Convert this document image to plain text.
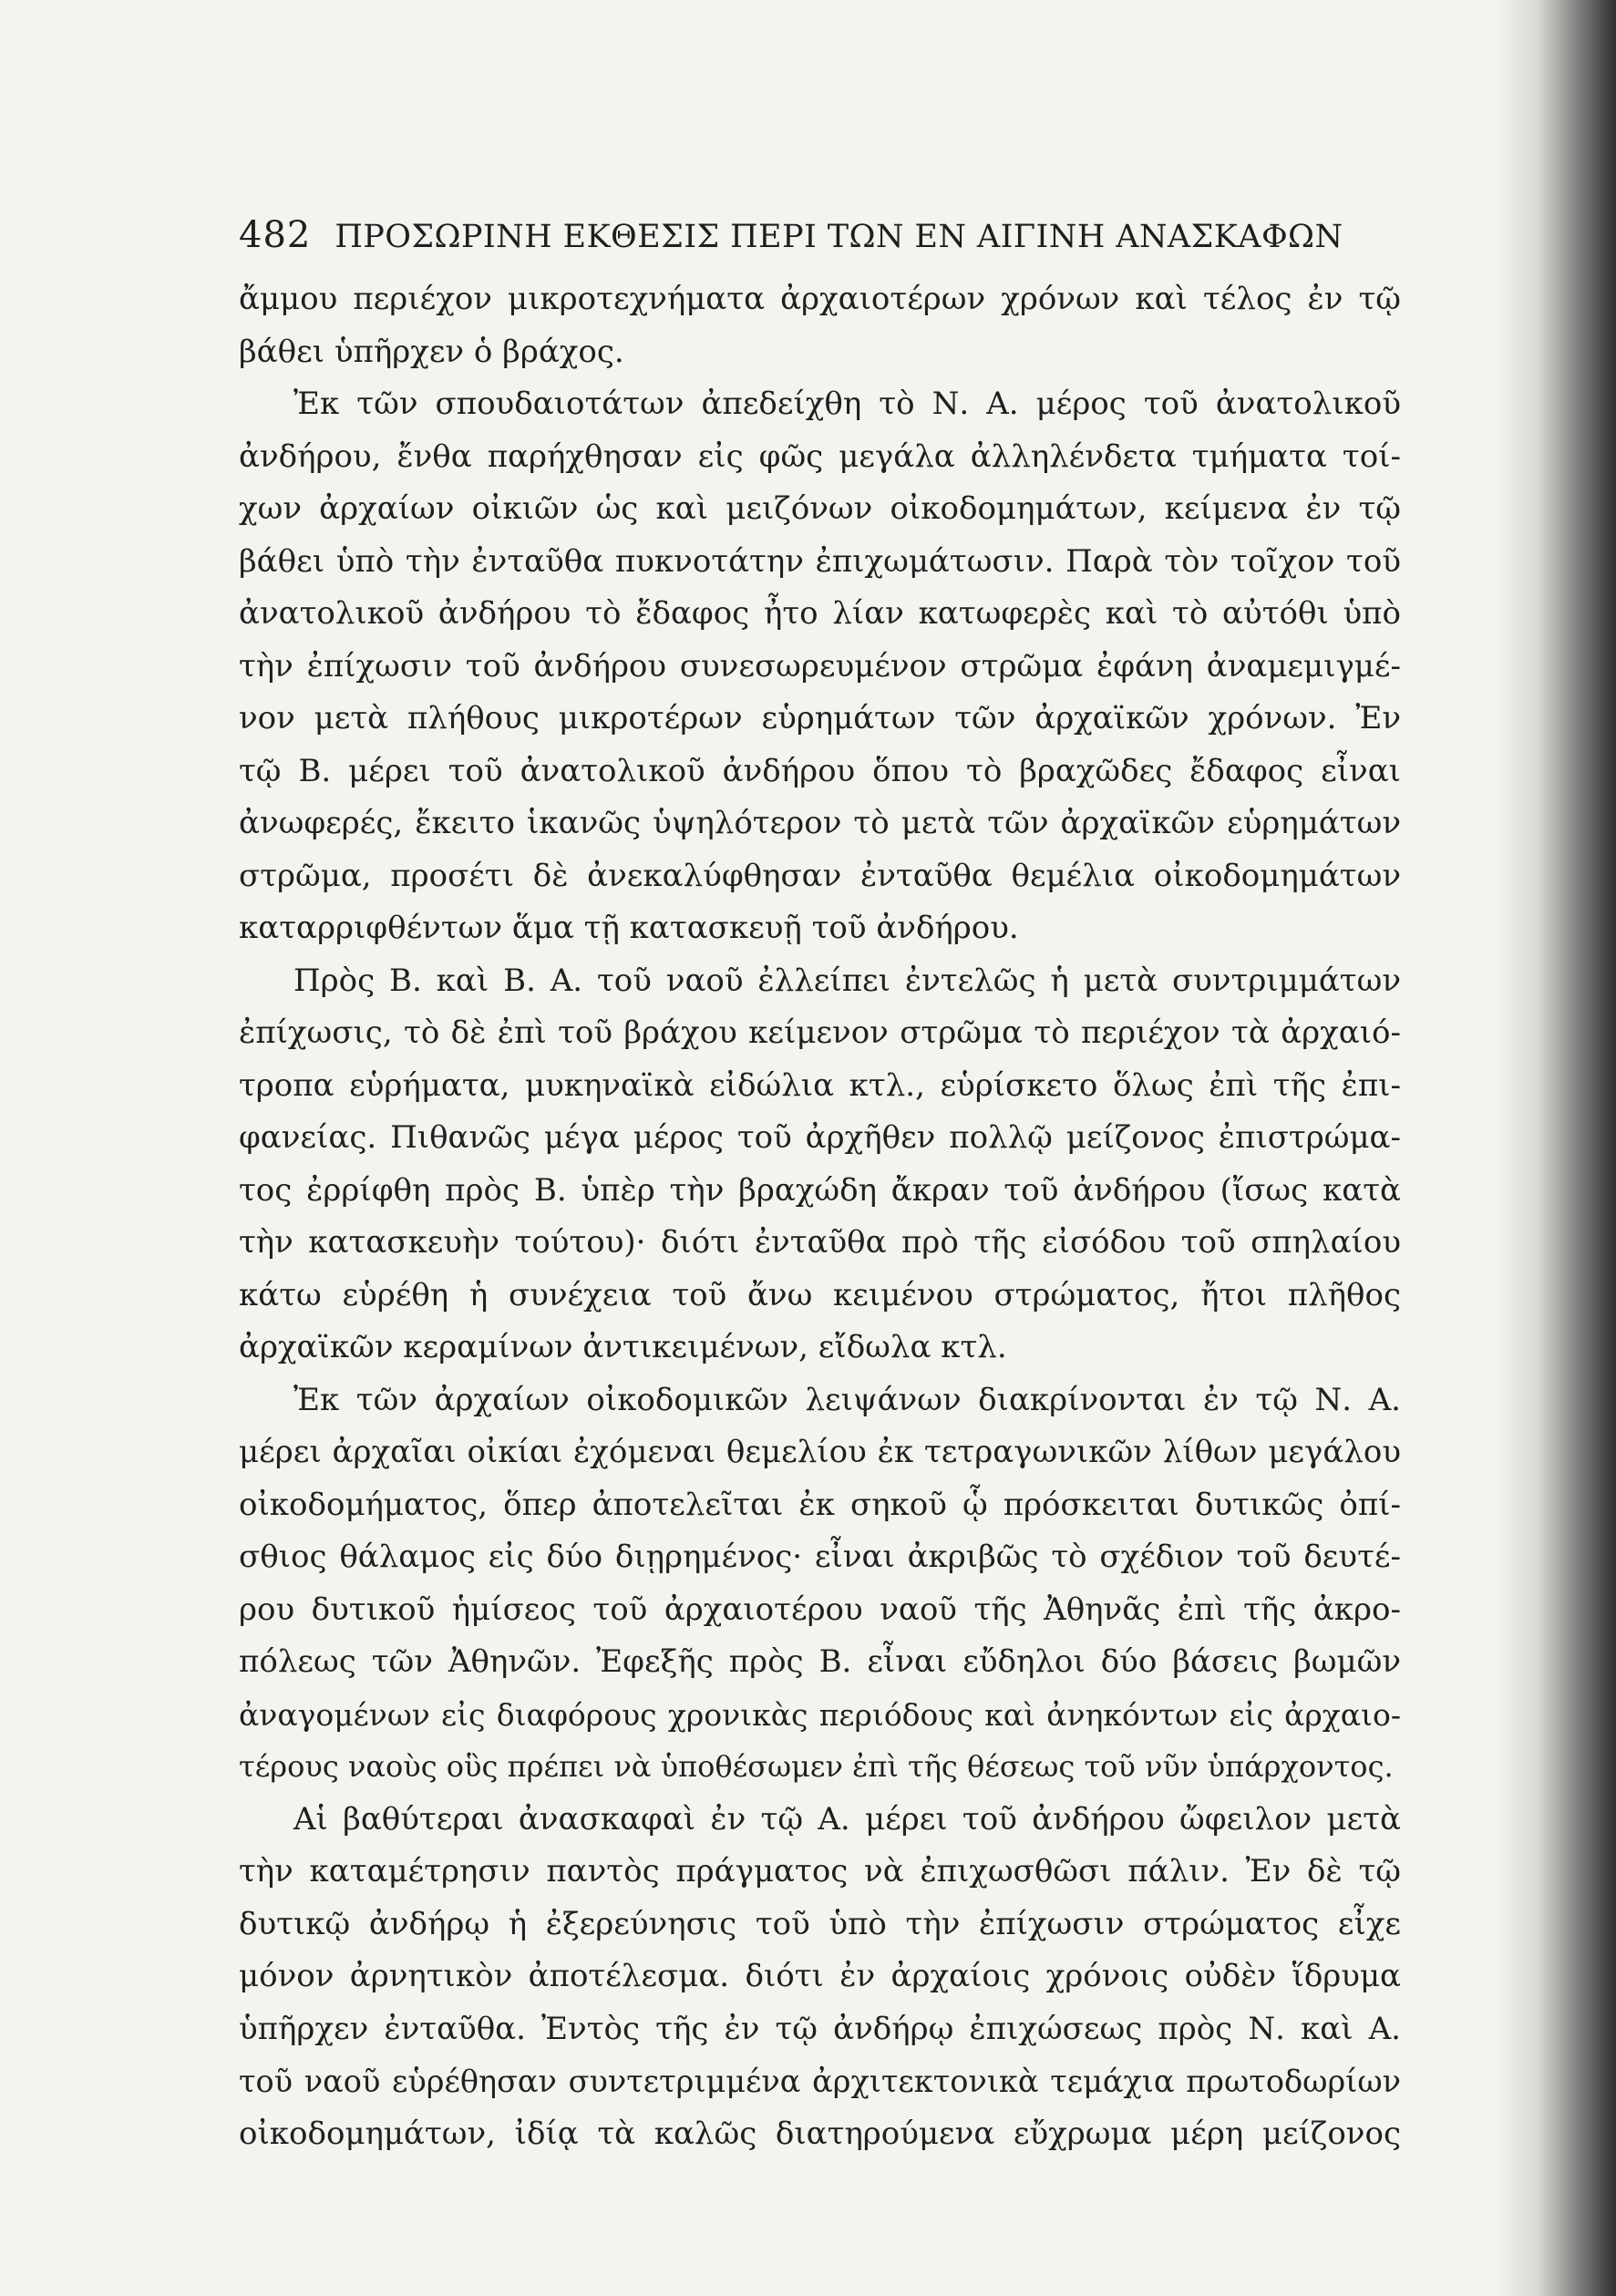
482 ΠΡΟΣΩΡΙΝΗ ΕΚΘΕΣΙΣ ΠΕΡΙ ΤΩΝ ΕΝ ΑΙΓΙΝΗ ΑΝΑΣΚΑΦΩΝ
ἄμμου περιέχον μικροτεχνήματα ἀρχαιοτέρων χρόνων καὶ τέλος ἐν τῷ
βάθει ὑπῆρχεν ὁ βράχος.
Ἐκ τῶν σπουδαιοτάτων ἀπεδείχθη τὸ Ν. Α. μέρος τοῦ ἀνατολικοῦ
ἀνδήρου, ἔνθα παρήχθησαν εἰς φῶς μεγάλα ἀλληλένδετα τμήματα τοί-
χων ἀρχαίων οἰκιῶν ὡς καὶ μειζόνων οἰκοδομημάτων, κείμενα ἐν τῷ
βάθει ὑπὸ τὴν ἐνταῦθα πυκνοτάτην ἐπιχωμάτωσιν. Παρὰ τὸν τοῖχον τοῦ
ἀνατολικοῦ ἀνδήρου τὸ ἔδαφος ἦτο λίαν κατωφερὲς καὶ τὸ αὐτόθι ὑπὸ
τὴν ἐπίχωσιν τοῦ ἀνδήρου συνεσωρευμένον στρῶμα ἐφάνη ἀναμεμιγμέ-
νον μετὰ πλήθους μικροτέρων εὑρημάτων τῶν ἀρχαϊκῶν χρόνων. Ἐν
τῷ Β. μέρει τοῦ ἀνατολικοῦ ἀνδήρου ὅπου τὸ βραχῶδες ἔδαφος εἶναι
ἀνωφερές, ἔκειτο ἱκανῶς ὑψηλότερον τὸ μετὰ τῶν ἀρχαϊκῶν εὑρημάτων
στρῶμα, προσέτι δὲ ἀνεκαλύφθησαν ἐνταῦθα θεμέλια οἰκοδομημάτων
καταρριφθέντων ἅμα τῇ κατασκευῇ τοῦ ἀνδήρου.
Πρὸς Β. καὶ Β. Α. τοῦ ναοῦ ἐλλείπει ἐντελῶς ἡ μετὰ συντριμμάτων
ἐπίχωσις, τὸ δὲ ἐπὶ τοῦ βράχου κείμενον στρῶμα τὸ περιέχον τὰ ἀρχαιό-
τροπα εὑρήματα, μυκηναϊκὰ εἰδώλια κτλ., εὑρίσκετο ὅλως ἐπὶ τῆς ἐπι-
φανείας. Πιθανῶς μέγα μέρος τοῦ ἀρχῆθεν πολλῷ μείζονος ἐπιστρώμα-
τος ἐρρίφθη πρὸς Β. ὑπὲρ τὴν βραχώδη ἄκραν τοῦ ἀνδήρου (ἴσως κατὰ
τὴν κατασκευὴν τούτου)· διότι ἐνταῦθα πρὸ τῆς εἰσόδου τοῦ σπηλαίου
κάτω εὑρέθη ἡ συνέχεια τοῦ ἄνω κειμένου στρώματος, ἤτοι πλῆθος
ἀρχαϊκῶν κεραμίνων ἀντικειμένων, εἴδωλα κτλ.
Ἐκ τῶν ἀρχαίων οἰκοδομικῶν λειψάνων διακρίνονται ἐν τῷ Ν. Α.
μέρει ἀρχαῖαι οἰκίαι ἐχόμεναι θεμελίου ἐκ τετραγωνικῶν λίθων μεγάλου
οἰκοδομήματος, ὅπερ ἀποτελεῖται ἐκ σηκοῦ ᾧ πρόσκειται δυτικῶς ὀπί-
σθιος θάλαμος εἰς δύο διῃρημένος· εἶναι ἀκριβῶς τὸ σχέδιον τοῦ δευτέ-
ρου δυτικοῦ ἡμίσεος τοῦ ἀρχαιοτέρου ναοῦ τῆς Ἀθηνᾶς ἐπὶ τῆς ἀκρο-
πόλεως τῶν Ἀθηνῶν. Ἐφεξῆς πρὸς Β. εἶναι εὔδηλοι δύο βάσεις βωμῶν
ἀναγομένων εἰς διαφόρους χρονικὰς περιόδους καὶ ἀνηκόντων εἰς ἀρχαιο-
τέρους ναοὺς οὓς πρέπει νὰ ὑποθέσωμεν ἐπὶ τῆς θέσεως τοῦ νῦν ὑπάρχοντος.
Αἱ βαθύτεραι ἀνασκαφαὶ ἐν τῷ Α. μέρει τοῦ ἀνδήρου ὤφειλον μετὰ
τὴν καταμέτρησιν παντὸς πράγματος νὰ ἐπιχωσθῶσι πάλιν. Ἐν δὲ τῷ
δυτικῷ ἀνδήρῳ ἡ ἐξερεύνησις τοῦ ὑπὸ τὴν ἐπίχωσιν στρώματος εἶχε
μόνον ἀρνητικὸν ἀποτέλεσμα. διότι ἐν ἀρχαίοις χρόνοις οὐδὲν ἵδρυμα
ὑπῆρχεν ἐνταῦθα. Ἐντὸς τῆς ἐν τῷ ἀνδήρῳ ἐπιχώσεως πρὸς Ν. καὶ Α.
τοῦ ναοῦ εὑρέθησαν συντετριμμένα ἀρχιτεκτονικὰ τεμάχια πρωτοδωρίων
οἰκοδομημάτων, ἰδίᾳ τὰ καλῶς διατηρούμενα εὔχρωμα μέρη μείζονος
